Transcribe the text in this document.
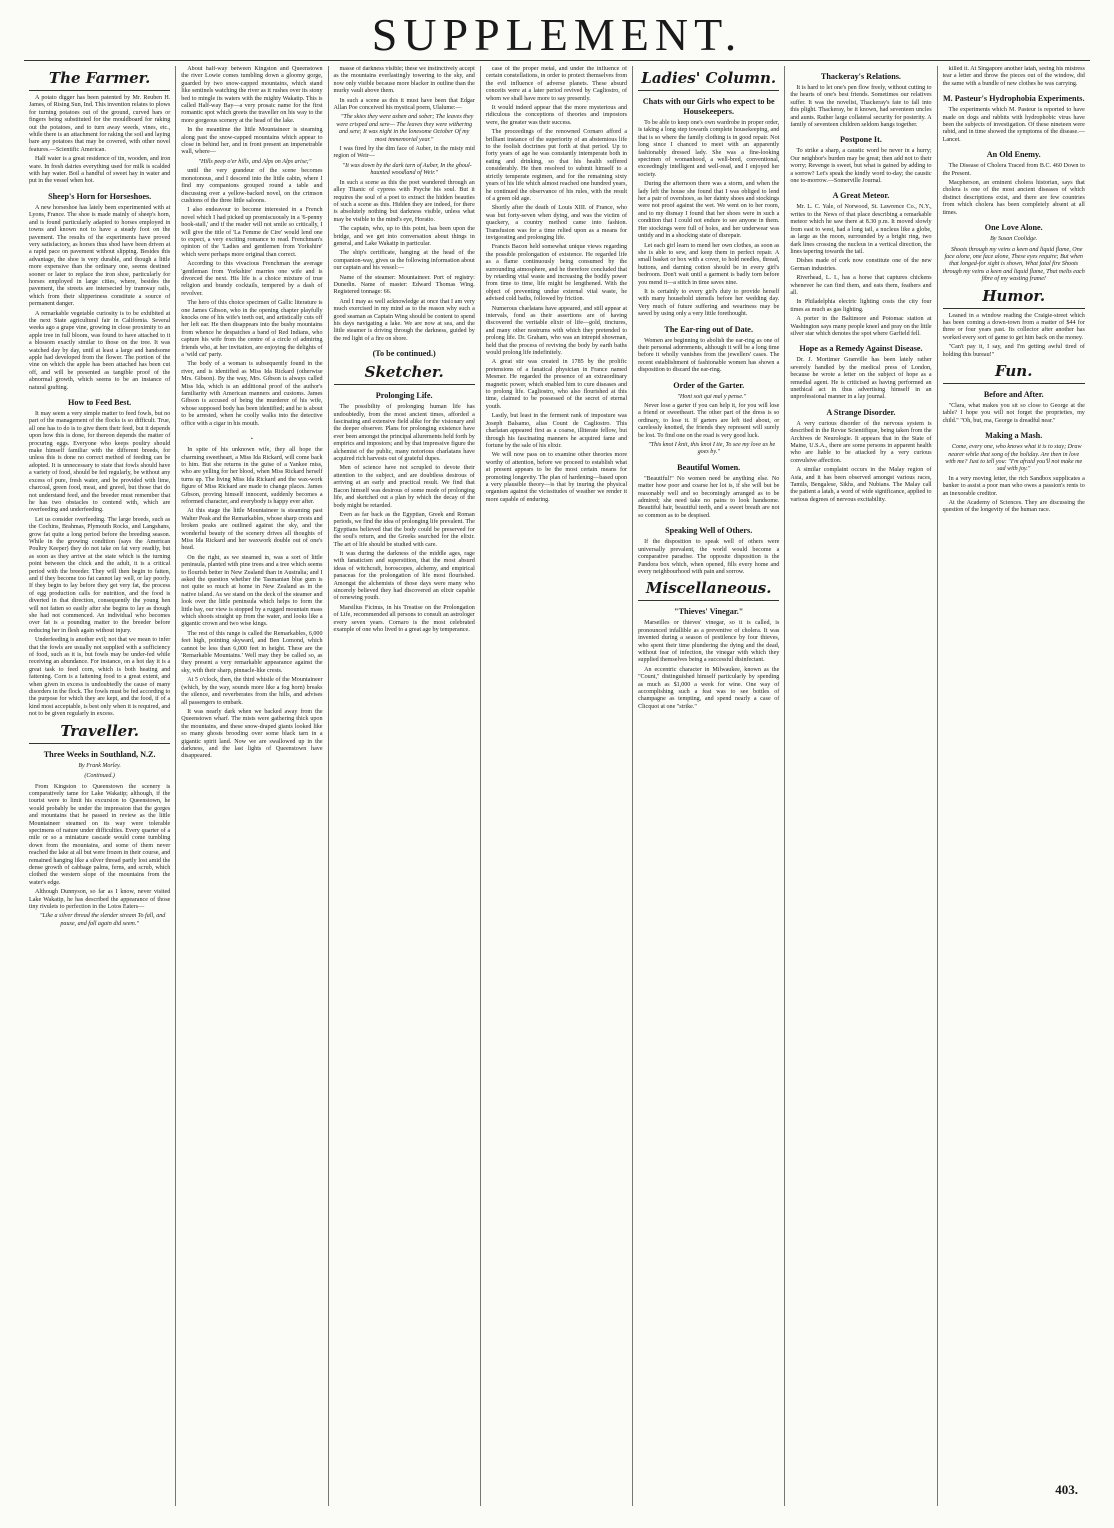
SUPPLEMENT.
The Farmer.

A potato digger has been patented by Mr. Reuben H. James, of Rising Sun, Ind. This invention relates to plows for turning potatoes out of the ground, curved bars or fingers being substituted for the mouldboard for raking out the potatoes, and to turn away weeds, vines, etc., while there is an attachment for raking the soil and laying bare any potatoes that may be covered, with other novel features.—Scientific American.

Half water is a great residence of tin, wooden, and iron ware. In fresh dairies everything used for milk is scalded with hay water. Boil a handful of sweet hay in water and put in the vessel when hot.

Sheep's Horn for Horseshoes.

A new horseshoe has lately been experimented with at Lyons, France. The shoe is made mainly of sheep's horn, and is found particularly adapted to horses employed in towns and known not to have a steady foot on the pavement. The results of the experiments have proved very satisfactory, as horses thus shod have been driven at a rapid pace on pavement without slipping. Besides this advantage, the shoe is very durable, and though a little more expensive than the ordinary one, seems destined sooner or later to replace the iron shoe, particularly for horses employed in large cities, where, besides the pavement, the streets are intersected by tramway rails, which from their slipperiness constitute a source of permanent danger.

A remarkable vegetable curiosity is to be exhibited at the next State agricultural fair in California. Several weeks ago a grape vine, growing in close proximity to an apple tree in full bloom, was found to have attached to it a blossom exactly similar to those on the tree. It was watched day by day, until at least a large and handsome apple had developed from the flower. The portion of the vine on which the apple has been attached has been cut off, and will be presented as tangible proof of the abnormal growth, which seems to be an instance of natural grafting.

How to Feed Best.

It may seem a very simple matter to feed fowls, but no part of the management of the flocks is so difficult. True, all one has to do is to give them their feed, but it depends upon how this is done, for thereon depends the matter of procuring eggs. Everyone who keeps poultry should make himself familiar with the different breeds, for unless this is done no correct method of feeding can be adopted. It is unnecessary to state that fowls should have a variety of food, should be fed regularly, be without any excess of pure, fresh water, and be provided with lime, charcoal, green food, meat, and gravel, but those that do not understand feed, and the breeder must remember that he has two obstacles to contend with, which are overfeeding and underfeeding.

Let us consider overfeeding. The large breeds, such as the Cochins, Brahmas, Plymouth Rocks, and Langshans, grow fat quite a long period before the breeding season. While in the growing condition (says the American Poultry Keeper) they do not take on fat very readily, but as soon as they arrive at the state which is the turning point between the chick and the adult, it is a critical period with the breeder. They will then begin to fatten, and if they become too fat cannot lay well, or lay poorly. If they begin to lay before they get very fat, the process of egg production calls for nutrition, and the food is diverted in that direction, consequently the young hen will not fatten so easily after she begins to lay as though she had not commenced. An individual who becomes over fat is a pounding matter to the breeder before reducing her in flesh again without injury.

Underfeeding is another evil; not that we mean to infer that the fowls are usually not supplied with a sufficiency of food, such as it is, but fowls may be under-fed while receiving an abundance. For instance, on a hot day it is a great task to feed corn, which is both heating and fattening. Corn is a fattening food to a great extent, and when given in excess is undoubtedly the cause of many disorders in the flock. The fowls must be fed according to the purpose for which they are kept, and the food, if of a kind most acceptable, is best only when it is required, and not to be given regularly in excess.

Traveller.
Three Weeks in Southland, N.Z.
By Frank Morley.
(Continued.)

From Kingston to Queenstown the scenery is comparatively tame for Lake Wakatip; although, if the tourist were to limit his excursion to Queenstown, he would probably be under the impression that the gorges and mountains that he passed in review as the little Mountaineer steamed on its way were tolerable specimens of nature under difficulties. Every quarter of a mile or so a miniature cascade would come tumbling down from the mountains, and some of them never reached the lake at all but were frozen in their course, and remained hanging like a silver thread partly lost amid the dense growth of cabbage palms, ferns, and scrub, which clothed the western slope of the mountains from the water's edge.

Although Dunnyson, so far as I know, never visited Lake Wakatip, he has described the appearance of those tiny rivulets to perfection in the Lotos Eaters—

"Like a silver thread the slender stream To fall, and pause, and fall again did seem."

About half-way between Kingston and Queenstown the river Lowie comes tumbling down a gloomy gorge, guarded by two snow-capped mountains, which stand like sentinels watching the river as it rushes over its stony bed to mingle its waters with the mighty Wakatip. This is called Half-way Bay—a very prosaic name for the first romantic spot which greets the traveller on his way to the more gorgeous scenery at the head of the lake.

In the meantime the little Mountaineer is steaming along past the snow-capped mountains which appear to close in behind her, and in front present an impenetrable wall, where—

"Hills peep o'er hills, and Alps on Alps arise;"

until the very grandeur of the scene becomes monotonous, and I descend into the little cabin, where I find my companions grouped round a table and discussing over a yellow-backed novel, on the crimson cushions of the three little saloons.

I also endeavour to become interested in a French novel which I had picked up promiscuously in a '6-penny book-stall,' and if the reader will not smile so critically, I will give the title of 'La Femme de Cire' would lend one to expect, a very exciting romance to read. Frenchman's opinion of the 'Ladies and gentlemen from Yorkshire' which were perhaps more original than correct.

According to this vivacious Frenchman the average 'gentleman from Yorkshire' marries one wife and is divorced the next. His life is a choice mixture of true religion and brandy cocktails, tempered by a dash of revolver.

The hero of this choice specimen of Gallic literature is one James Gibson, who in the opening chapter playfully knocks one of his wife's teeth out, and artistically cuts off her left ear. He then disappears into the bushy mountains from whence he despatches a band of Red Indians, who capture his wife from the centre of a circle of admiring friends who, at her invitation, are enjoying the delights of a 'wild cat' party.

The body of a woman is subsequently found in the river, and is identified as Miss Ida Rickard (otherwise Mrs. Gibson). By the way, Mrs. Gibson is always called Miss Ida, which is an additional proof of the author's familiarity with American manners and customs. James Gibson is accused of being the murderer of his wife, whose supposed body has been identified; and he is about to be arrested, when he coolly walks into the detective office with a cigar in his mouth.

·

In spite of his unknown wife, they all hope the charming sweetheart, a Miss Ida Rickard, will come back to him. But she returns in the guise of a Yankee miss, who are yelling for her blood, when Miss Rickard herself turns up. The living Miss Ida Rickard and the wax-work figure of Miss Rickard are made to change places. James Gibson, proving himself innocent, suddenly becomes a reformed character, and everybody is happy ever after.

At this stage the little Mountaineer is steaming past Walter Peak and the Remarkables, whose sharp crests and broken peaks are outlined against the sky, and the wonderful beauty of the scenery drives all thoughts of Miss Ida Rickard and her waxwork double out of one's head.

On the right, as we steamed in, was a sort of little peninsula, planted with pine trees and a tree which seems to flourish better in New Zealand than in Australia; and I asked the question whether the Tasmanian blue gum is not quite so much at home in New Zealand as in the native island. As we stand on the deck of the steamer and look over the little peninsula which helps to form the little bay, our view is stopped by a rugged mountain mass which shoots straight up from the water, and looks like a gigantic crown and two wise kings.

The rest of this range is called the Remarkables, 6,000 feet high, pointing skyward, and Ben Lomond, which cannot be less than 6,000 feet in height. These are the 'Remarkable Mountains.' Well may they be called so, as they present a very remarkable appearance against the sky, with their sharp, pinnacle-like crests.

At 5 o'clock, then, the third whistle of the Mountaineer (which, by the way, sounds more like a fog horn) breaks the silence, and reverberates from the hills, and advises all passengers to embark.

It was nearly dark when we backed away from the Queenstown wharf. The mists were gathering thick upon the mountains, and these snow-draped giants looked like so many ghosts brooding over some black tarn in a gigantic spirit land. Now we are swallowed up in the darkness, and the last lights of Queenstown have disappeared.

masse of darkness visible; these we instinctively accept as the mountains everlastingly towering to the sky, and now only visible because more blacker in outline than the murky vault above them.

In such a scene as this it must have been that Edgar Allan Poe conceived his mystical poem, Ulalume:—

"The skies they were ashen and sober; The leaves they were crisped and sere— The leaves they were withering and sere; It was night in the lonesome October Of my most immemorial year."

I was fired by the dim face of Auber, in the misty mid region of Weir—

"It was down by the dark tarn of Auber, In the ghoul-haunted woodland of Weir."

In such a scene as this the poet wandered through an alley Titanic of cypress with Psyche his soul. But it requires the soul of a poet to extract the hidden beauties of such a scene as this. Hidden they are indeed, for there is absolutely nothing but darkness visible, unless what may be visible to the mind's eye, Horatio.

The captain, who, up to this point, has been upon the bridge, and we get into conversation about things in general, and Lake Wakatip in particular.

The ship's certificate, hanging at the head of the companion-way, gives us the following information about our captain and his vessel:—

Name of the steamer: Mountaineer. Port of registry: Dunedin. Name of master: Edward Thomas Wing. Registered tonnage: 66.

And I may as well acknowledge at once that I am very much exercised in my mind as to the reason why such a good seaman as Captain Wing should be content to spend his days navigating a lake. We are now at sea, and the little steamer is driving through the darkness, guided by the red light of a fire on shore.

(To be continued.)
Sketcher.
Prolonging Life.

The possibility of prolonging human life has undoubtedly, from the most ancient times, afforded a fascinating and extensive field alike for the visionary and the deeper observer. Plans for prolonging existence have ever been amongst the principal allurements held forth by empirics and impostors; and by that impressive figure the alchemist of the public, many notorious charlatans have acquired rich harvests out of grateful dupes.

Men of science have not scrupled to devote their attention to the subject, and are doubtless desirous of arriving at an early and practical result. We find that Bacon himself was desirous of some mode of prolonging life, and sketched out a plan by which the decay of the body might be retarded.

Even as far back as the Egyptian, Greek and Roman periods, we find the idea of prolonging life prevalent. The Egyptians believed that the body could be preserved for the soul's return, and the Greeks searched for the elixir. The art of life should be studied with care.

It was during the darkness of the middle ages, rage with fanaticism and superstition, that the most absurd ideas of witchcraft, horoscopes, alchemy, and empirical panaceas for the prolongation of life most flourished. Amongst the alchemists of those days were many who sincerely believed they had discovered an elixir capable of renewing youth.

Marsilius Ficinus, in his Treatise on the Prolongation of Life, recommended all persons to consult an astrologer every seven years. Cornaro is the most celebrated example of one who lived to a great age by temperance.

case of the proper metal, and under the influence of certain constellations, in order to protect themselves from the evil influence of adverse planets. These absurd conceits were at a later period revived by Cagliostro, of whom we shall have more to say presently.

It would indeed appear that the more mysterious and ridiculous the conceptions of theories and impostors were, the greater was their success.

The proceedings of the renowned Cornaro afford a brilliant instance of the superiority of an abstemious life to the foolish doctrines put forth at that period. Up to forty years of age he was constantly intemperate both in eating and drinking, so that his health suffered considerably. He then resolved to submit himself to a strictly temperate regimen, and for the remaining sixty years of his life which almost reached one hundred years, he continued the observance of his rules, with the result of a green old age.

Shortly after the death of Louis XIII. of France, who was but forty-seven when dying, and was the victim of quackery, a country method came into fashion. Transfusion was for a time relied upon as a means for invigorating and prolonging life.

Francis Bacon held somewhat unique views regarding the possible prolongation of existence. He regarded life as a flame continuously being consumed by the surrounding atmosphere, and he therefore concluded that by retarding vital waste and increasing the bodily power from time to time, life might be lengthened. With the object of preventing undue external vital waste, he advised cold baths, followed by friction.

Numerous charlatans have appeared, and still appear at intervals, fond as their assertions are of having discovered the veritable elixir of life—gold, tinctures, and many other nostrums with which they pretended to prolong life. Dr. Graham, who was an intrepid showman, held that the process of reviving the body by earth baths would prolong life indefinitely.

A great stir was created in 1785 by the prolific pretensions of a fanatical physician in France named Mesmer. He regarded the presence of an extraordinary magnetic power, which enabled him to cure diseases and to prolong life. Cagliostro, who also flourished at this time, claimed to be possessed of the secret of eternal youth.

Lastly, but least in the ferment rank of imposture was Joseph Balsamo, alias Count de Cagliostro. This charlatan appeared first as a coarse, illiterate fellow, but through his fascinating manners he acquired fame and fortune by the sale of his elixir.

We will now pass on to examine other theories more worthy of attention, before we proceed to establish what at present appears to be the most certain means for promoting longevity. The plan of hardening—based upon a very plausible theory—is that by inuring the physical organism against the vicissitudes of weather we render it more capable of enduring.

Ladies' Column.
Chats with our Girls who expect to be Housekeepers.

To be able to keep one's own wardrobe in proper order, is taking a long step towards complete housekeeping, and that is so where the family clothing is in good repair. Not long since I chanced to meet with an apparently fashionably dressed lady. She was a fine-looking specimen of womanhood, a well-bred, conventional, exceedingly intelligent and well-read, and I enjoyed her society.

During the afternoon there was a storm, and when the lady left the house she found that I was obliged to lend her a pair of overshoes, as her dainty shoes and stockings were not proof against the wet. We went on to her room, and to my dismay I found that her shoes were in such a condition that I could not endure to see anyone in them. Her stockings were full of holes, and her underwear was untidy and in a shocking state of disrepair.

Let each girl learn to mend her own clothes, as soon as she is able to sew, and keep them in perfect repair. A small basket or box with a cover, to hold needles, thread, buttons, and darning cotton should be in every girl's bedroom. Don't wait until a garment is badly torn before you mend it—a stitch in time saves nine.

It is certainly to every girl's duty to provide herself with many household utensils before her wedding day. Very much of future suffering and weariness may be saved by using only a very little forethought.

The Ear-ring out of Date.

Women are beginning to abolish the ear-ring as one of their personal adornments, although it will be a long time before it wholly vanishes from the jewellers' cases. The recent establishment of fashionable women has shown a disposition to discard the ear-ring.

Order of the Garter.

"Honi soit qui mal y pense."

Never lose a garter if you can help it, for you will lose a friend or sweetheart. The other part of the dress is so ordinary, to lose it. If garters are left tied about, or carelessly knotted, the friends they represent will surely be lost. To find one on the road is very good luck.

"This knot I knit, this knot I tie, To see my love as he goes by."

Beautiful Women.

"Beautiful!" No women need be anything else. No matter how poor and coarse her lot is, if she will but be reasonably well and so becomingly arranged as to be admired; she need take no pains to look handsome. Beautiful hair, beautiful teeth, and a sweet breath are not so common as to be despised.

Speaking Well of Others.

If the disposition to speak well of others were universally prevalent, the world would become a comparative paradise. The opposite disposition is the Pandora box which, when opened, fills every home and every neighbourhood with pain and sorrow.

Miscellaneous.
"Thieves' Vinegar."

Marseilles or thieves' vinegar, so it is called, is pronounced infallible as a preventive of cholera. It was invented during a season of pestilence by four thieves, who spent their time plundering the dying and the dead, without fear of infection, the vinegar with which they supplied themselves being a successful disinfectant.

An eccentric character in Milwaukee, known as the "Count," distinguished himself particularly by spending as much as $1,000 a week for wine. One way of accomplishing such a feat was to see bottles of champagne as tempting, and spend nearly a case of Clicquot at one "strike."

Thackeray's Relations.

It is hard to let one's pen flow freely, without cutting to the hearts of one's best friends. Sometimes our relatives suffer. It was the novelist, Thackeray's fate to fall into this plight. Thackeray, be it known, had seventeen uncles and aunts. Rather large collateral security for posterity. A family of seventeen children seldom hangs together.

Postpone It.

To strike a sharp, a caustic word be never in a hurry; Our neighbor's burden may be great; then add not to their worry; Revenge is sweet, but what is gained by adding to a sorrow? Let's speak the kindly word to-day; the caustic one to-morrow.—Somerville Journal.

A Great Meteor.

Mr. L. C. Yale, of Norwood, St. Lawrence Co., N.Y., writes to the News of that place describing a remarkable meteor which he saw there at 8.30 p.m. It moved slowly from east to west, had a long tail, a nucleus like a globe, as large as the moon, surrounded by a bright ring, two dark lines crossing the nucleus in a vertical direction, the lines tapering towards the tail.

Dishes made of cork now constitute one of the new German industries.

Riverhead, L. I., has a horse that captures chickens whenever he can find them, and eats them, feathers and all.

In Philadelphia electric lighting costs the city four times as much as gas lighting.

A porter in the Baltimore and Potomac station at Washington says many people kneel and pray on the little silver star which denotes the spot where Garfield fell.

Hope as a Remedy Against Disease.

Dr. J. Mortimer Granville has been lately rather severely handled by the medical press of London, because he wrote a letter on the subject of hope as a remedial agent. He is criticised as having performed an unethical act in thus advertising himself in an unprofessional manner in a lay journal.

A Strange Disorder.

A very curious disorder of the nervous system is described in the Revue Scientifique, being taken from the Archives de Neurologie. It appears that in the State of Maine, U.S.A., there are some persons in apparent health who are liable to be attacked by a very curious convulsive affection.

A similar complaint occurs in the Malay region of Asia, and it has been observed amongst various races, Tamils, Bengalese, Sikhs, and Nubians. The Malay call the patient a latah, a word of wide significance, applied to various degrees of nervous excitability.

killed it. At Singapore another latah, seeing his mistress tear a letter and throw the pieces out of the window, did the same with a bundle of new clothes he was carrying.

M. Pasteur's Hydrophobia Experiments.

The experiments which M. Pasteur is reported to have made on dogs and rabbits with hydrophobic virus have been the subjects of investigation. Of these nineteen were rabid, and in time showed the symptoms of the disease.—Lancet.

An Old Enemy.

The Disease of Cholera Traced from B.C. 460 Down to the Present.

Macpherson, an eminent cholera historian, says that cholera is one of the most ancient diseases of which distinct descriptions exist, and there are few countries from which cholera has been completely absent at all times.

One Love Alone.
By Susan Coolidge.

Shoots through my veins a keen and liquid flame, One face alone, one face alone, These eyes require; But when that longed-for sight is shown, What fatal fire Shoots through my veins a keen and liquid flame, That melts each fibre of my wasting frame!

Humor.

Leaned in a window reading the Craigie-street which has been coming a down-town from a matter of $44 for three or four years past. Its collector after another has worked every sort of game to get him back on the money.

"Can't pay it, I say, and I'm getting awful tired of holding this bureau!"

Fun.
Before and After.

"Clara, what makes you sit so close to George at the table? I hope you will not forget the proprieties, my child." "Oh, but, ma, George is dreadful near."

Making a Mash.

Come, every one, who knows what it is to stay; Draw nearer while that song of the holiday. Are then in love with me? Just to tell you: "I'm afraid you'll not make me sad with joy."

In a very moving letter, the rich Sandbox supplicates a banker to assist a poor man who owes a passion's rents to an inexorable creditor.

At the Academy of Sciences. They are discussing the question of the longevity of the human race.

403.
